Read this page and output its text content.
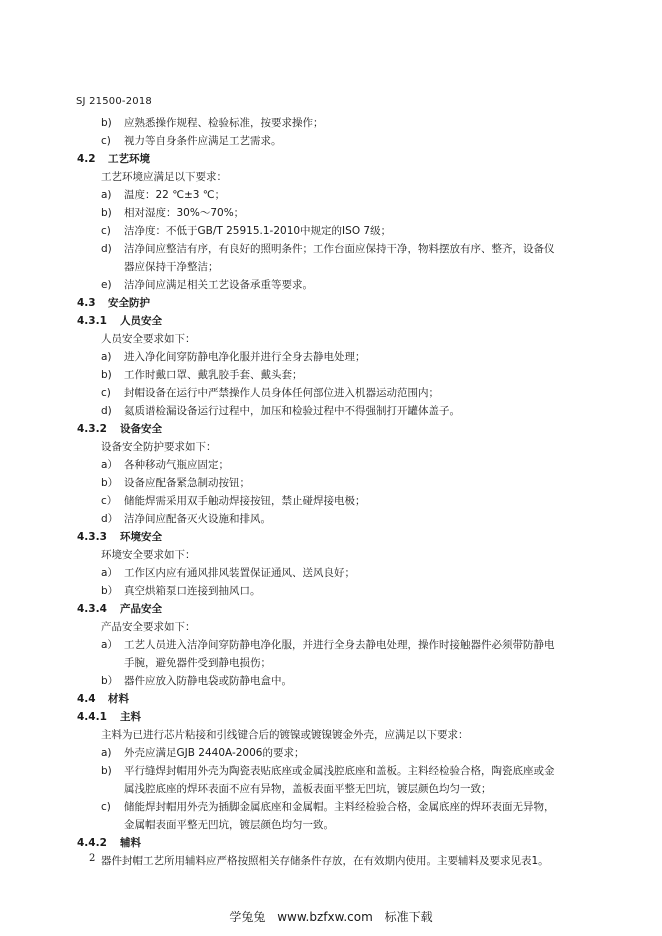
SJ 21500-2018
b) 应熟悉操作规程、检验标准，按要求操作；
c) 视力等自身条件应满足工艺需求。
4.2 工艺环境
工艺环境应满足以下要求：
a) 温度：22 ℃±3 ℃；
b) 相对湿度：30%～70%；
c) 洁净度：不低于GB/T 25915.1-2010中规定的ISO 7级；
d) 洁净间应整洁有序，有良好的照明条件；工作台面应保持干净，物料摆放有序、整齐，设备仪
器应保持干净整洁；
e) 洁净间应满足相关工艺设备承重等要求。
4.3 安全防护
4.3.1 人员安全
人员安全要求如下：
a) 进入净化间穿防静电净化服并进行全身去静电处理；
b) 工作时戴口罩、戴乳胶手套、戴头套；
c) 封帽设备在运行中严禁操作人员身体任何部位进入机器运动范围内；
d) 氦质谱检漏设备运行过程中，加压和检验过程中不得强制打开罐体盖子。
4.3.2 设备安全
设备安全防护要求如下：
a） 各种移动气瓶应固定；
b） 设备应配备紧急制动按钮；
c） 储能焊需采用双手触动焊接按钮，禁止碰焊接电极；
d） 洁净间应配备灭火设施和排风。
4.3.3 环境安全
环境安全要求如下：
a） 工作区内应有通风排风装置保证通风、送风良好；
b） 真空烘箱泵口连接到抽风口。
4.3.4 产品安全
产品安全要求如下：
a） 工艺人员进入洁净间穿防静电净化服，并进行全身去静电处理，操作时接触器件必须带防静电
手腕，避免器件受到静电损伤；
b） 器件应放入防静电袋或防静电盒中。
4.4 材料
4.4.1 主料
主料为已进行芯片粘接和引线键合后的镀镍或镀镍镀金外壳，应满足以下要求：
a) 外壳应满足GJB 2440A-2006的要求；
b) 平行缝焊封帽用外壳为陶瓷表贴底座或金属浅腔底座和盖板。主料经检验合格，陶瓷底座或金
属浅腔底座的焊环表面不应有异物，盖板表面平整无凹坑，镀层颜色均匀一致；
c) 储能焊封帽用外壳为插脚金属底座和金属帽。主料经检验合格，金属底座的焊环表面无异物，
金属帽表面平整无凹坑，镀层颜色均匀一致。
4.4.2 辅料
器件封帽工艺所用辅料应严格按照相关存储条件存放，在有效期内使用。主要辅料及要求见表1。
2
学兔兔 www.bzfxw.com 标准下载
